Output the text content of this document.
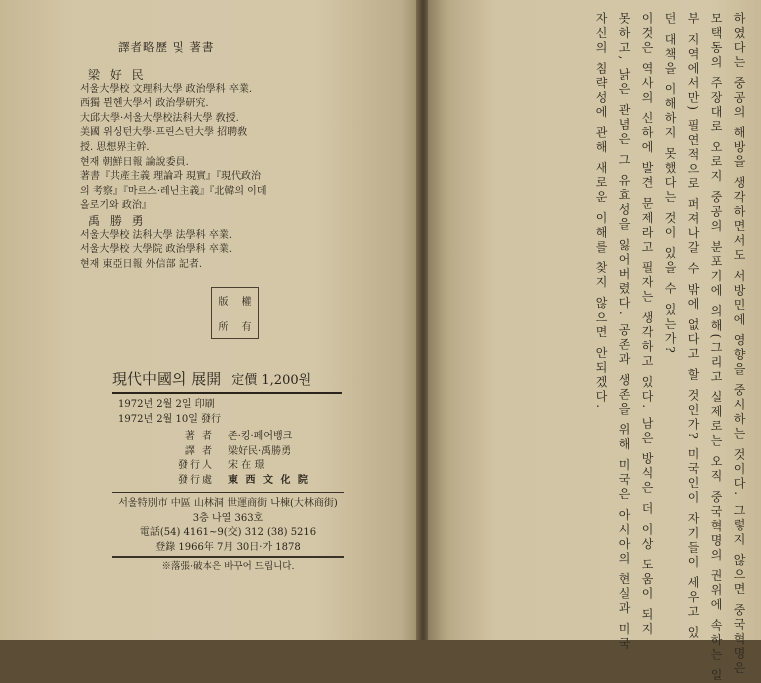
譯者略歷 및 著書
梁 好 民
서울大學校 文理科大學 政治學科 卒業.
西獨 뮌헨大學서 政治學研究.
大邱大學·서울大學校法科大學 敎授.
美國 위싱턴大學·프린스턴大學 招聘敎
授. 思想界主幹.
현재 朝鮮日報 論說委員.
著書『共產主義 理論과 現實』『現代政治
의 考察』『마르스·레닌主義』『北韓의 이데
올로기와 政治』
禹 勝 勇
서울大學校 法科大學 法學科 卒業.
서울大學校 大學院 政治學科 卒業.
현재 東亞日報 外信部 記者.
版	權
所	有
現代中國의 展開 定價 1,200원
1972년 2월 2일 印刷
1972년 2월 10일 發行
著 者 존·킹·페어뱅크
譯 者 梁好民·禹勝勇
發行人 宋 在 璟
發行處 東 西 文 化 院
서울特別市 中區 山林洞 世運商街 나棟(大林商街)
3층 나열 363호
電話(54) 4161~9(交) 312 (38) 5216
登錄 1966年 7月 30日·가 1878
※落張·破本은 바꾸어 드립니다.	하였다는 중공의 해방을 생각하면서도 서방민에 영향을 중시하는 것이다. 그렇지 않으면 중국혁명은
모택동의 주장대로 오로지 중공의 분포기에 의해(그리고 실제로는 오직 중국혁명의 권위에 속하는 일
부 지역에서만) 필연적으로 퍼져나갈 수 밖에 없다고 할 것인가? 미국인이 자기들이 세우고 있
던 대책을 이해하지 못했다는 것이 있을 수 있는가?
이것은 역사의 신하에 발견 문제라고 필자는 생각하고 있다. 남은 방식은 더 이상 도움이 되지
못하고, 낡은 관념은 그 유효성을 잃어버렸다. 공존과 생존을 위해 미국은 아시아의 현실과 미국
자신의 침략성에 관해 새로운 이해를 찾지 않으면 안되겠다.
